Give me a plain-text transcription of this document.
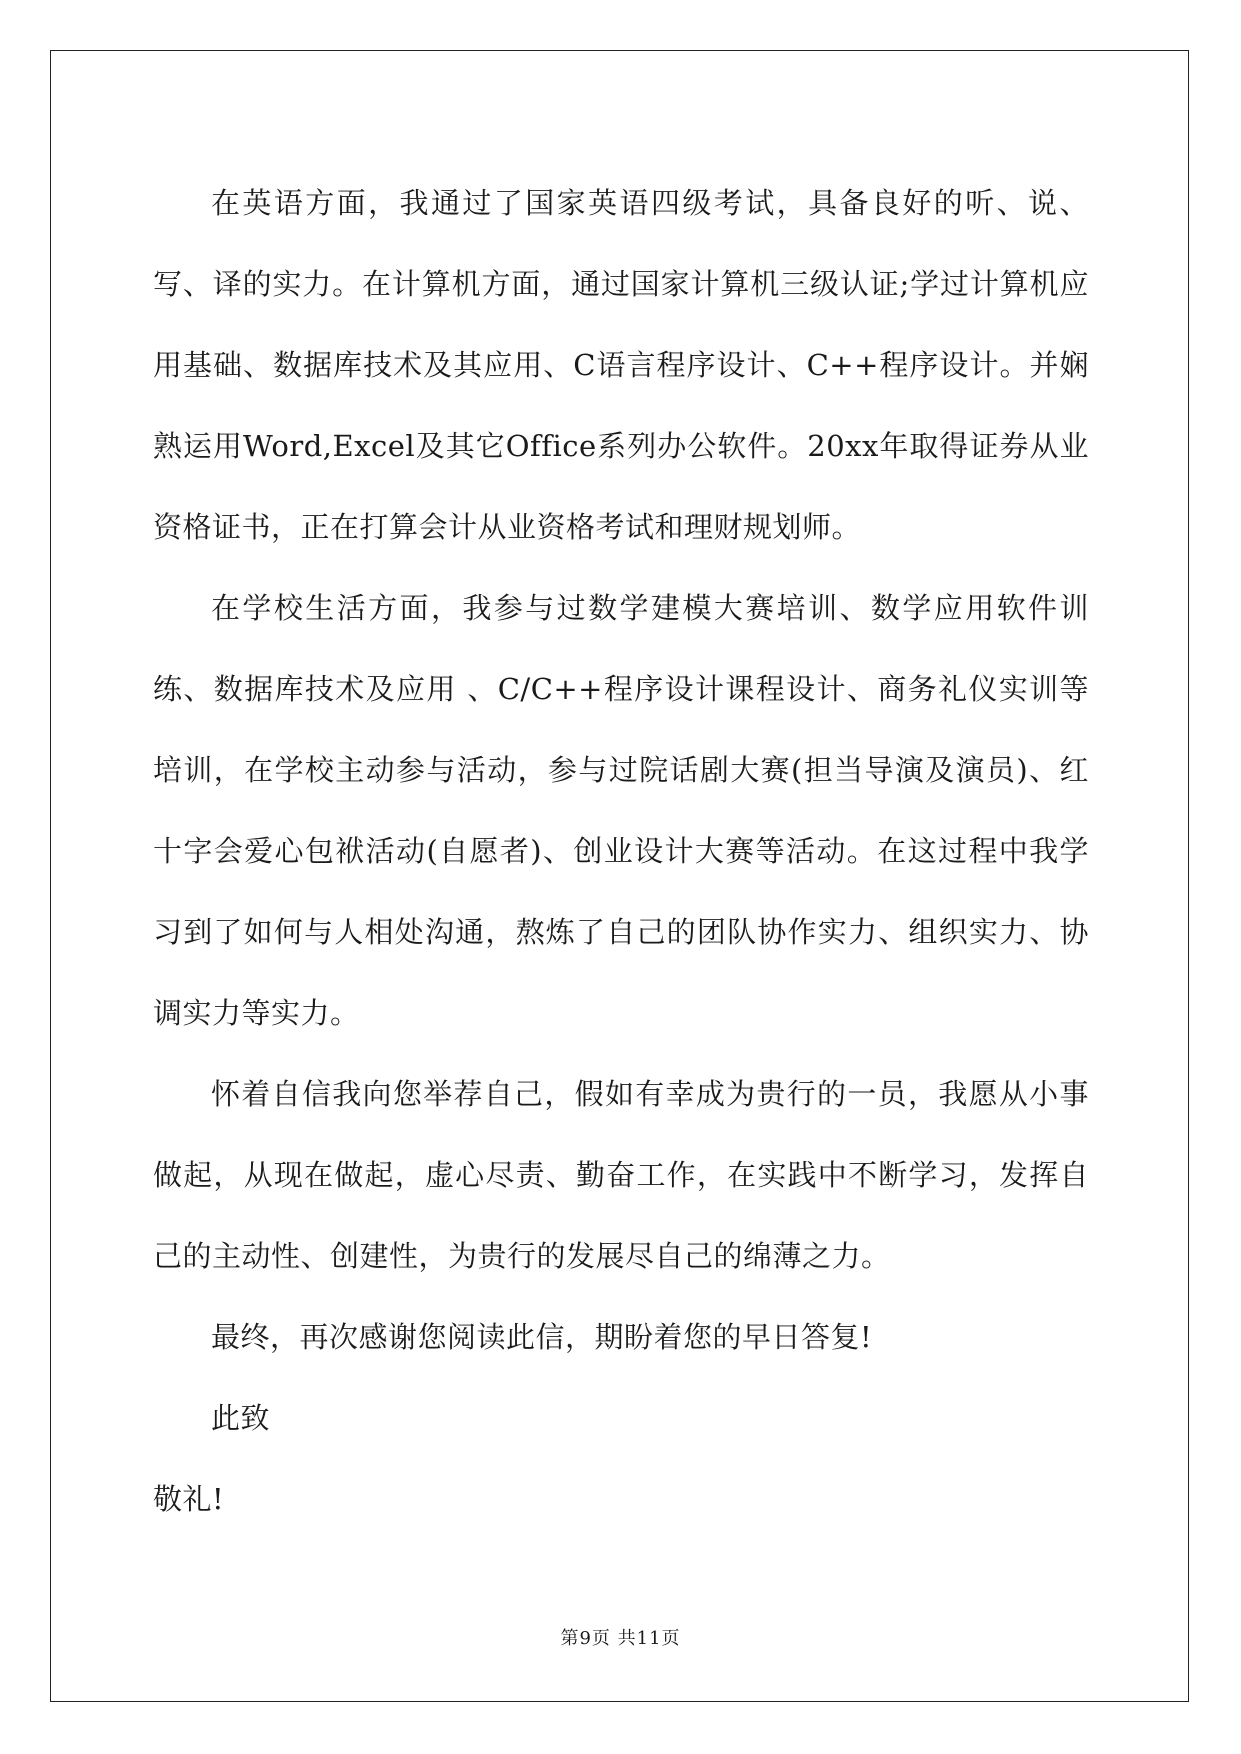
在英语方面，我通过了国家英语四级考试，具备良好的听、说、写、译的实力。在计算机方面，通过国家计算机三级认证;学过计算机应用基础、数据库技术及其应用、C语言程序设计、C++程序设计。并娴熟运用Word,Excel及其它Office系列办公软件。20xx年取得证券从业资格证书，正在打算会计从业资格考试和理财规划师。

在学校生活方面，我参与过数学建模大赛培训、数学应用软件训练、数据库技术及应用 、C/C++程序设计课程设计、商务礼仪实训等培训，在学校主动参与活动，参与过院话剧大赛(担当导演及演员)、红十字会爱心包袱活动(自愿者)、创业设计大赛等活动。在这过程中我学习到了如何与人相处沟通，熬炼了自己的团队协作实力、组织实力、协调实力等实力。

怀着自信我向您举荐自己，假如有幸成为贵行的一员，我愿从小事做起，从现在做起，虚心尽责、勤奋工作，在实践中不断学习，发挥自己的主动性、创建性，为贵行的发展尽自己的绵薄之力。

最终，再次感谢您阅读此信，期盼着您的早日答复!

此致

敬礼!

第9页 共11页
